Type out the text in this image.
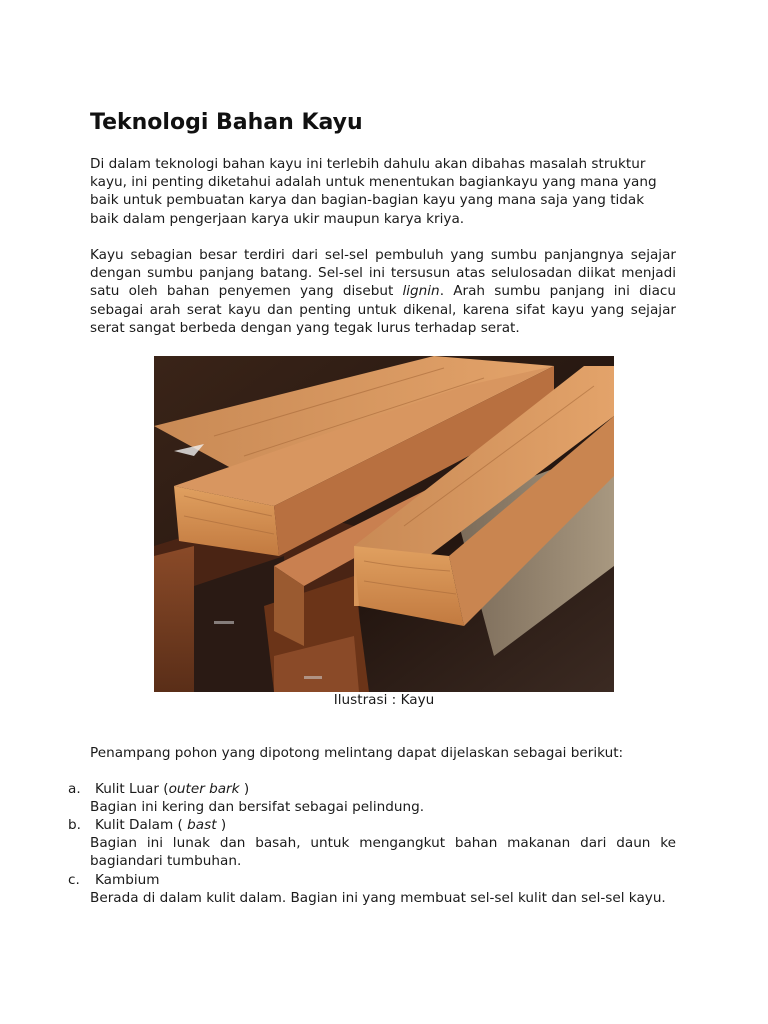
Teknologi Bahan Kayu

Di dalam teknologi bahan kayu ini terlebih dahulu akan dibahas masalah struktur kayu, ini penting diketahui adalah untuk menentukan bagiankayu yang mana yang baik untuk pembuatan karya dan bagian-bagian kayu yang mana saja yang tidak baik dalam pengerjaan karya ukir maupun karya kriya.

Kayu sebagian besar terdiri dari sel-sel pembuluh yang sumbu panjangnya sejajar dengan sumbu panjang batang. Sel-sel ini tersusun atas selulosadan diikat menjadi satu oleh bahan penyemen yang disebut lignin. Arah sumbu panjang ini diacu sebagai arah serat kayu dan penting untuk dikenal, karena sifat kayu yang sejajar serat sangat berbeda dengan yang tegak lurus terhadap serat.

Ilustrasi : Kayu

Penampang pohon yang dipotong melintang dapat dijelaskan sebagai berikut:

a. Kulit Luar (outer bark )
Bagian ini kering dan bersifat sebagai pelindung.
b. Kulit Dalam ( bast )
Bagian ini lunak dan basah, untuk mengangkut bahan makanan dari daun ke bagiandari tumbuhan.
c. Kambium
Berada di dalam kulit dalam. Bagian ini yang membuat sel-sel kulit dan sel-sel kayu.
